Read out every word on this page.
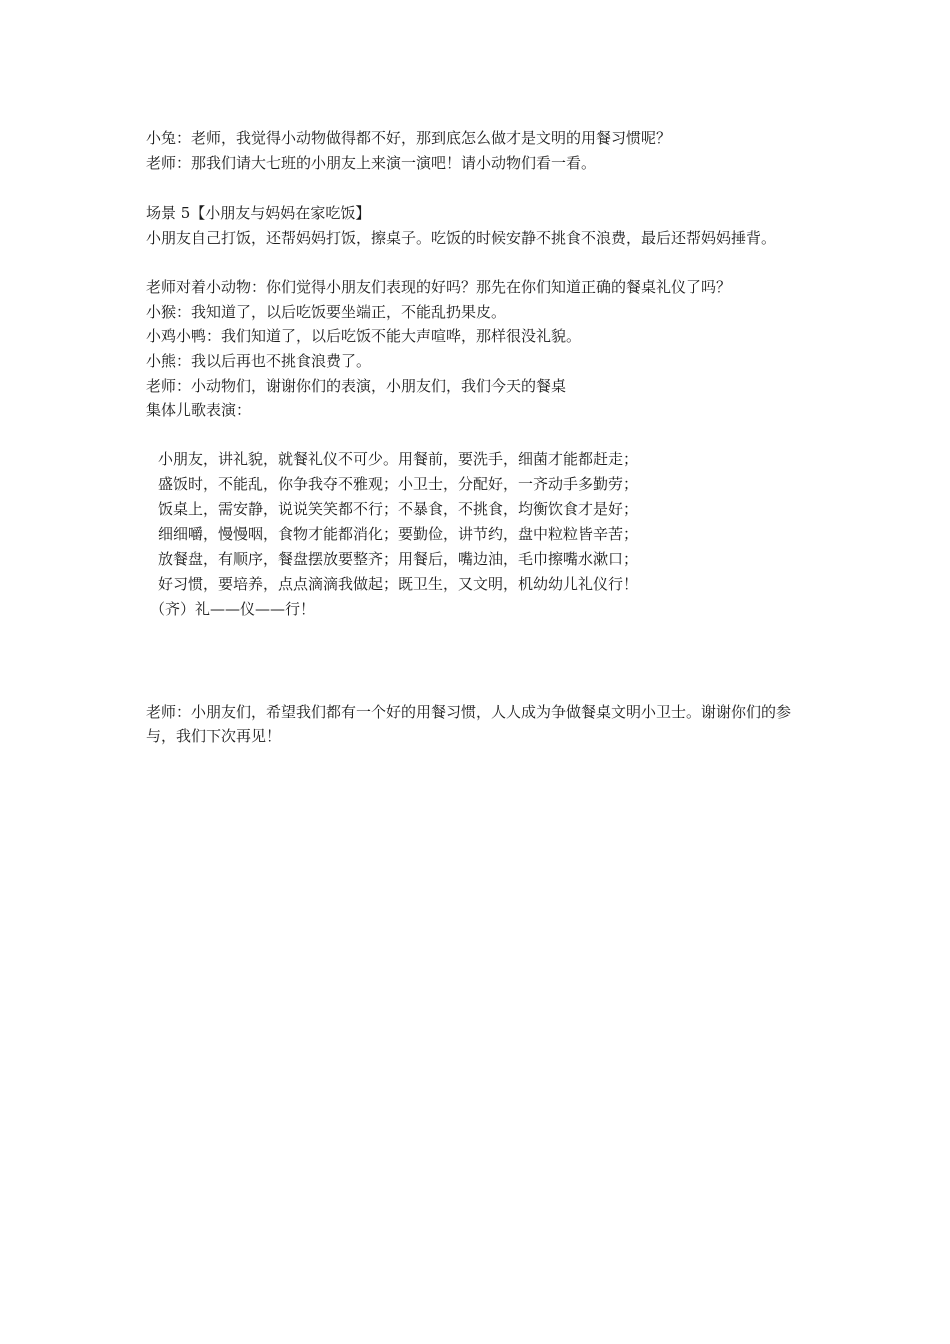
小兔：老师，我觉得小动物做得都不好，那到底怎么做才是文明的用餐习惯呢？

老师：那我们请大七班的小朋友上来演一演吧！请小动物们看一看。

场景 5【小朋友与妈妈在家吃饭】

小朋友自己打饭，还帮妈妈打饭，擦桌子。吃饭的时候安静不挑食不浪费，最后还帮妈妈捶背。

老师对着小动物：你们觉得小朋友们表现的好吗？那先在你们知道正确的餐桌礼仪了吗？

小猴：我知道了，以后吃饭要坐端正，不能乱扔果皮。

小鸡小鸭：我们知道了，以后吃饭不能大声喧哗，那样很没礼貌。

小熊：我以后再也不挑食浪费了。

老师：小动物们，谢谢你们的表演，小朋友们，我们今天的餐桌

集体儿歌表演：

小朋友，讲礼貌，就餐礼仪不可少。用餐前，要洗手，细菌才能都赶走；
盛饭时，不能乱，你争我夺不雅观；小卫士，分配好，一齐动手多勤劳；
饭桌上，需安静，说说笑笑都不行；不暴食，不挑食，均衡饮食才是好；
细细嚼，慢慢咽，食物才能都消化；要勤俭，讲节约，盘中粒粒皆辛苦；
放餐盘，有顺序，餐盘摆放要整齐；用餐后，嘴边油，毛巾擦嘴水漱口；
好习惯，要培养，点点滴滴我做起；既卫生，又文明，机幼幼儿礼仪行！
（齐）礼——仪——行！

老师：小朋友们，希望我们都有一个好的用餐习惯，人人成为争做餐桌文明小卫士。谢谢你们的参与，我们下次再见！
